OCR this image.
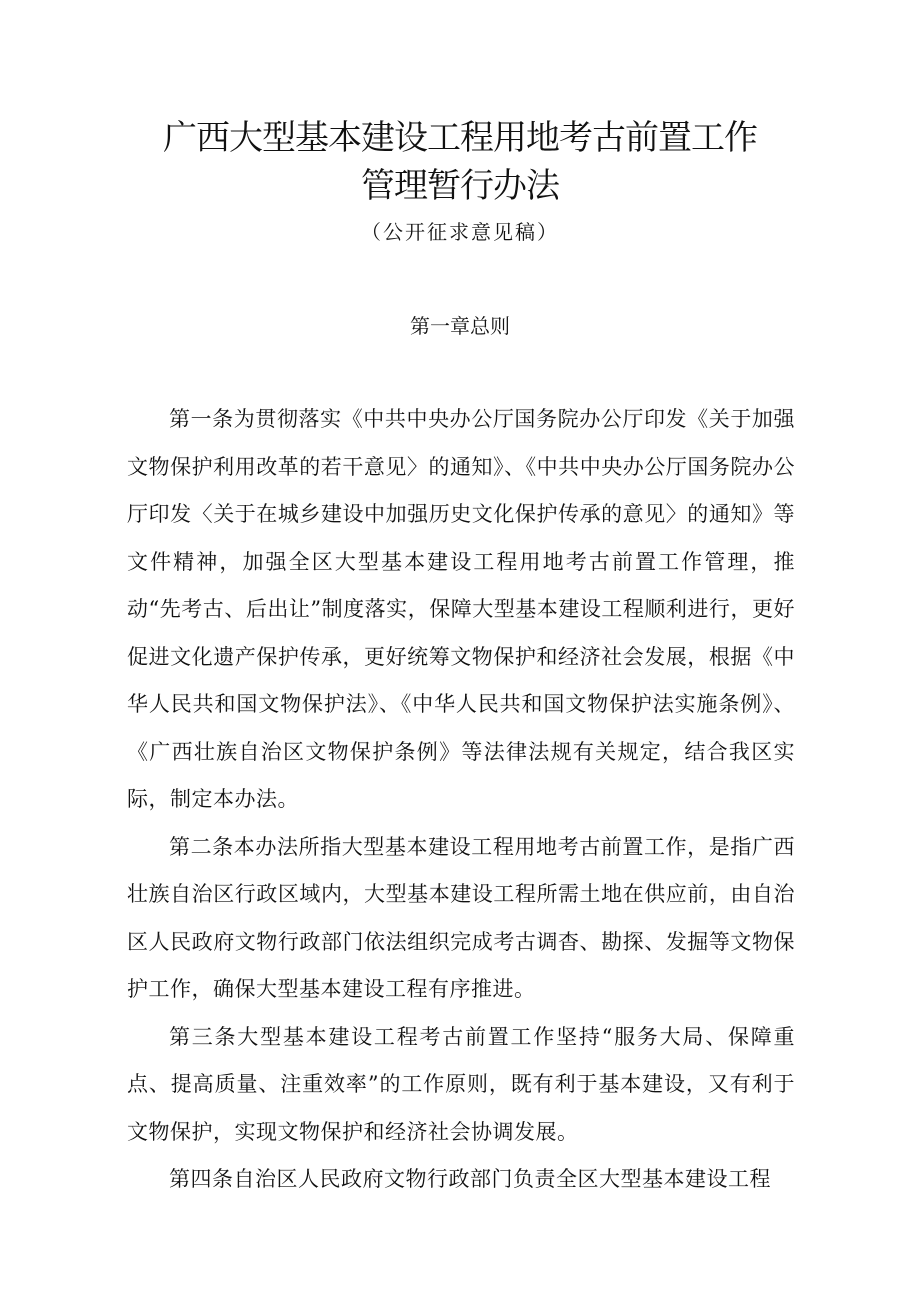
广西大型基本建设工程用地考古前置工作
管理暂行办法
（公开征求意见稿）
第一章总则

第一条为贯彻落实《中共中央办公厅国务院办公厅印发《关于加强文物保护利用改革的若干意见〉的通知》、《中共中央办公厅国务院办公厅印发〈关于在城乡建设中加强历史文化保护传承的意见〉的通知》等文件精神，加强全区大型基本建设工程用地考古前置工作管理，推动“先考古、后出让”制度落实，保障大型基本建设工程顺利进行，更好促进文化遗产保护传承，更好统筹文物保护和经济社会发展，根据《中华人民共和国文物保护法》、《中华人民共和国文物保护法实施条例》、《广西壮族自治区文物保护条例》等法律法规有关规定，结合我区实际，制定本办法。

第二条本办法所指大型基本建设工程用地考古前置工作，是指广西壮族自治区行政区域内，大型基本建设工程所需土地在供应前，由自治区人民政府文物行政部门依法组织完成考古调杳、勘探、发掘等文物保护工作，确保大型基本建设工程有序推进。

第三条大型基本建设工程考古前置工作坚持“服务大局、保障重点、提高质量、注重效率”的工作原则，既有利于基本建设，又有利于文物保护，实现文物保护和经济社会协调发展。

第四条自治区人民政府文物行政部门负责全区大型基本建设工程
